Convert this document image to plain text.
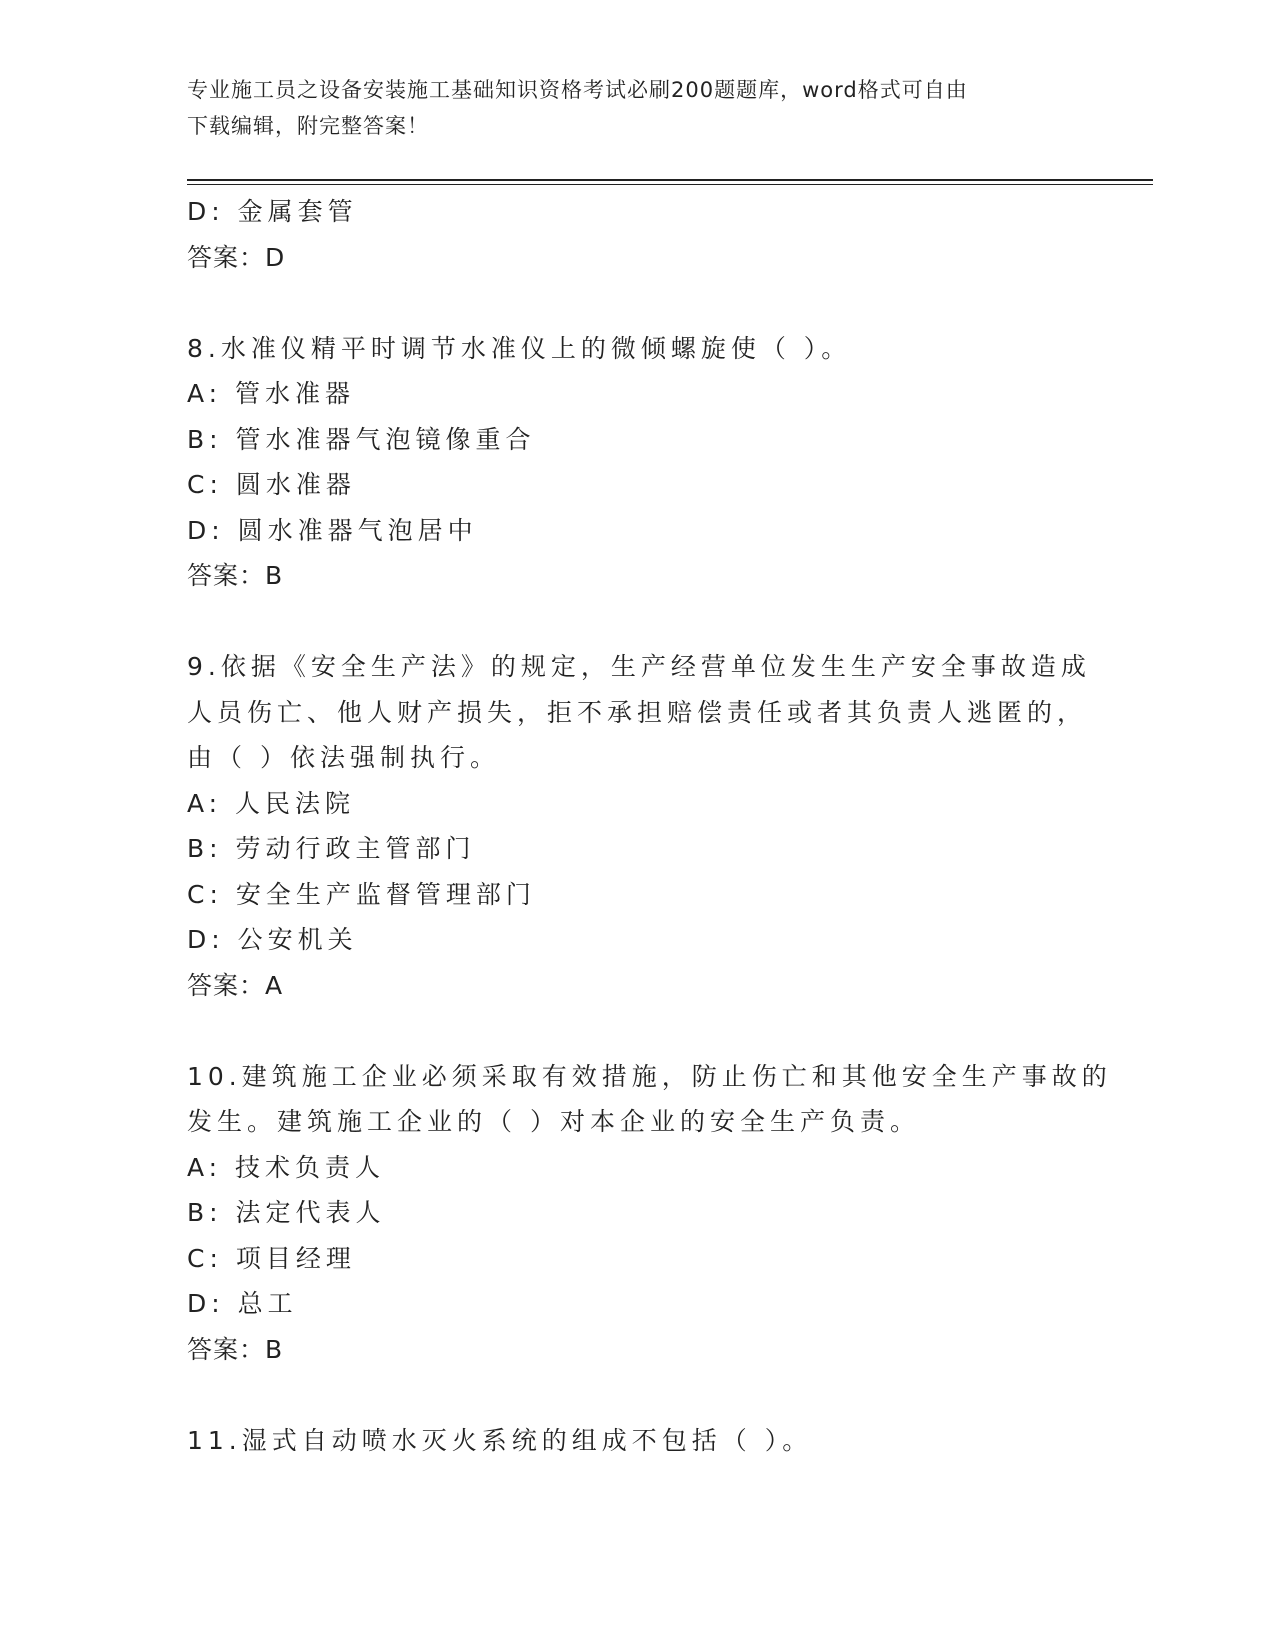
专业施工员之设备安装施工基础知识资格考试必刷200题题库，word格式可自由
下载编辑，附完整答案！
D: 金属套管
答案：D
8.水准仪精平时调节水准仪上的微倾螺旋使（ ）。
A: 管水准器
B: 管水准器气泡镜像重合
C: 圆水准器
D: 圆水准器气泡居中
答案：B
9.依据《安全生产法》的规定，生产经营单位发生生产安全事故造成
人员伤亡、他人财产损失，拒不承担赔偿责任或者其负责人逃匿的，
由（ ）依法强制执行。
A: 人民法院
B: 劳动行政主管部门
C: 安全生产监督管理部门
D: 公安机关
答案：A
10.建筑施工企业必须采取有效措施，防止伤亡和其他安全生产事故的
发生。建筑施工企业的（ ）对本企业的安全生产负责。
A: 技术负责人
B: 法定代表人
C: 项目经理
D: 总工
答案：B
11.湿式自动喷水灭火系统的组成不包括（ ）。
